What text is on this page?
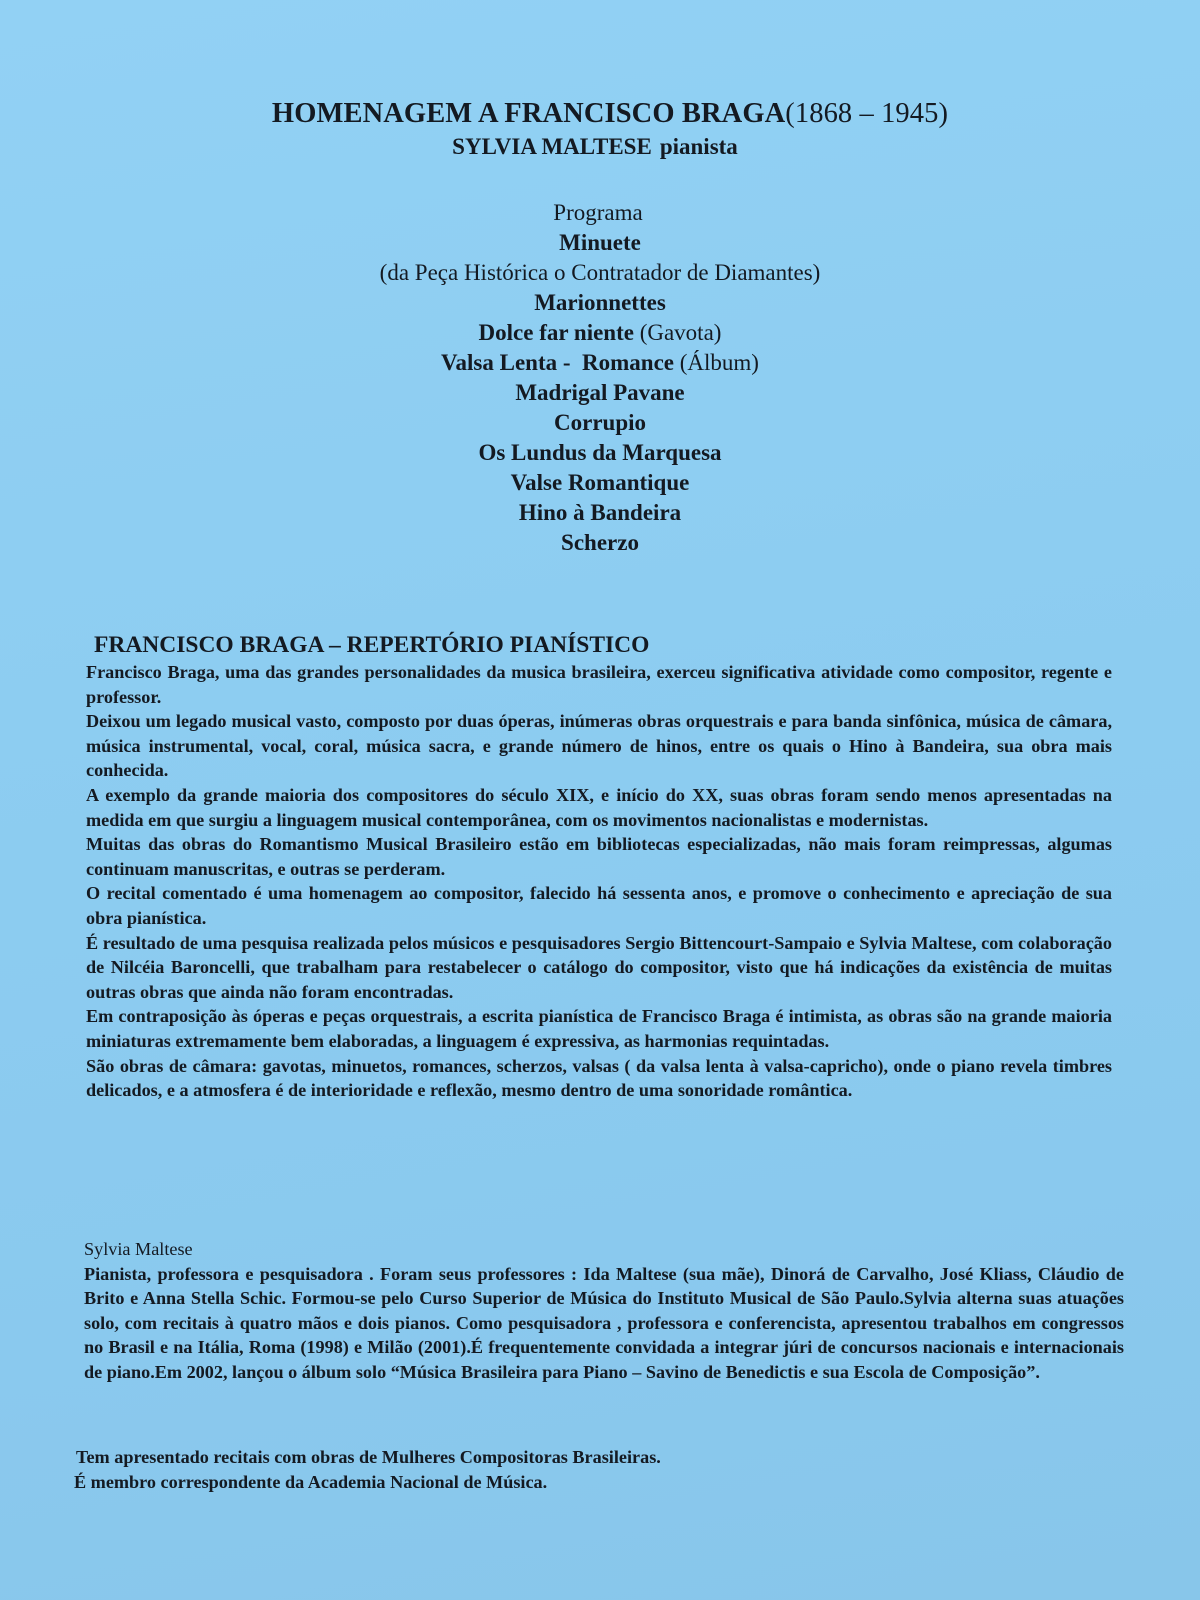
HOMENAGEM A FRANCISCO BRAGA(1868 – 1945)
SYLVIA MALTESE pianista
Programa
Minuete
(da Peça Histórica o Contratador de Diamantes)
Marionnettes
Dolce far niente (Gavota)
Valsa Lenta -  Romance (Álbum)
Madrigal Pavane
Corrupio
Os Lundus da Marquesa
Valse Romantique
Hino à Bandeira
Scherzo
FRANCISCO BRAGA – REPERTÓRIO PIANÍSTICO
Francisco Braga, uma das grandes personalidades da musica brasileira, exerceu significativa atividade como compositor, regente e professor.
Deixou um legado musical vasto, composto por duas óperas, inúmeras obras orquestrais e para banda sinfônica, música de câmara, música instrumental, vocal, coral, música sacra, e grande número de hinos, entre os quais o Hino à Bandeira, sua obra mais conhecida.
A exemplo da grande maioria dos compositores do século XIX, e início do XX, suas obras foram sendo menos apresentadas na medida em que surgiu a linguagem musical contemporânea, com os movimentos nacionalistas e modernistas.
Muitas das obras do Romantismo Musical Brasileiro estão em bibliotecas especializadas, não mais foram reimpressas, algumas continuam manuscritas, e outras se perderam.
O recital comentado é uma homenagem ao compositor, falecido há sessenta anos, e promove o conhecimento e apreciação de sua obra pianística.
É resultado de uma pesquisa realizada pelos músicos e pesquisadores Sergio Bittencourt-Sampaio e Sylvia Maltese, com colaboração de Nilcéia Baroncelli, que trabalham para restabelecer o catálogo do compositor, visto que há indicações da existência de muitas outras obras que ainda não foram encontradas.
Em contraposição às óperas e peças orquestrais, a escrita pianística de Francisco Braga é intimista, as obras são na grande maioria miniaturas extremamente bem elaboradas, a linguagem é expressiva, as harmonias requintadas.
São obras de câmara: gavotas, minuetos, romances, scherzos, valsas ( da valsa lenta à valsa-capricho), onde o piano revela timbres delicados, e a atmosfera é de interioridade e reflexão, mesmo dentro de uma sonoridade romântica.
Sylvia Maltese
Pianista, professora e pesquisadora . Foram seus professores : Ida Maltese (sua mãe), Dinorá de Carvalho, José Kliass, Cláudio de Brito e Anna Stella Schic. Formou-se pelo Curso Superior de Música do Instituto Musical de São Paulo.Sylvia alterna suas atuações solo, com recitais à quatro mãos e dois pianos. Como pesquisadora , professora e conferencista, apresentou trabalhos em congressos no Brasil e na Itália, Roma (1998) e Milão (2001).É frequentemente convidada a integrar júri de concursos nacionais e internacionais de piano.Em 2002, lançou o álbum solo “Música Brasileira para Piano – Savino de Benedictis e sua Escola de Composição”.
Tem apresentado recitais com obras de Mulheres Compositoras Brasileiras.
É membro correspondente da Academia Nacional de Música.
